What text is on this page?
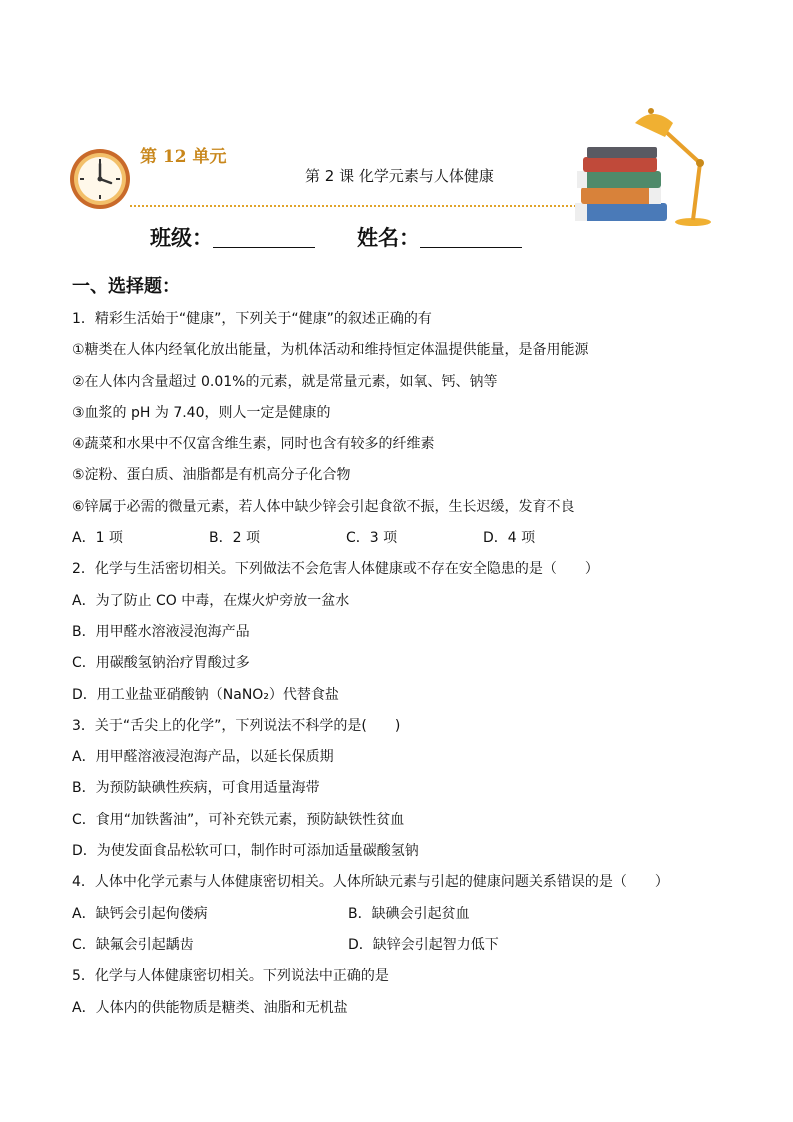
第 12 单元
第 2 课 化学元素与人体健康
班级：	姓名：
一、选择题：
1．精彩生活始于“健康”，下列关于“健康”的叙述正确的有
①糖类在人体内经氧化放出能量，为机体活动和维持恒定体温提供能量，是备用能源
②在人体内含量超过 0.01%的元素，就是常量元素，如氧、钙、钠等
③血浆的 pH 为 7.40，则人一定是健康的
④蔬菜和水果中不仅富含维生素，同时也含有较多的纤维素
⑤淀粉、蛋白质、油脂都是有机高分子化合物
⑥锌属于必需的微量元素，若人体中缺少锌会引起食欲不振，生长迟缓，发育不良
A．1 项	B．2 项	C．3 项	D．4 项
2．化学与生活密切相关。下列做法不会危害人体健康或不存在安全隐患的是（　　）
A．为了防止 CO 中毒，在煤火炉旁放一盆水
B．用甲醛水溶液浸泡海产品
C．用碳酸氢钠治疗胃酸过多
D．用工业盐亚硝酸钠（NaNO₂）代替食盐
3．关于“舌尖上的化学”，下列说法不科学的是(　　)
A．用甲醛溶液浸泡海产品，以延长保质期
B．为预防缺碘性疾病，可食用适量海带
C．食用“加铁酱油”，可补充铁元素，预防缺铁性贫血
D．为使发面食品松软可口，制作时可添加适量碳酸氢钠
4．人体中化学元素与人体健康密切相关。人体所缺元素与引起的健康问题关系错误的是（　　）
A．缺钙会引起佝偻病	B．缺碘会引起贫血
C．缺氟会引起龋齿	D．缺锌会引起智力低下
5．化学与人体健康密切相关。下列说法中正确的是
A．人体内的供能物质是糖类、油脂和无机盐
